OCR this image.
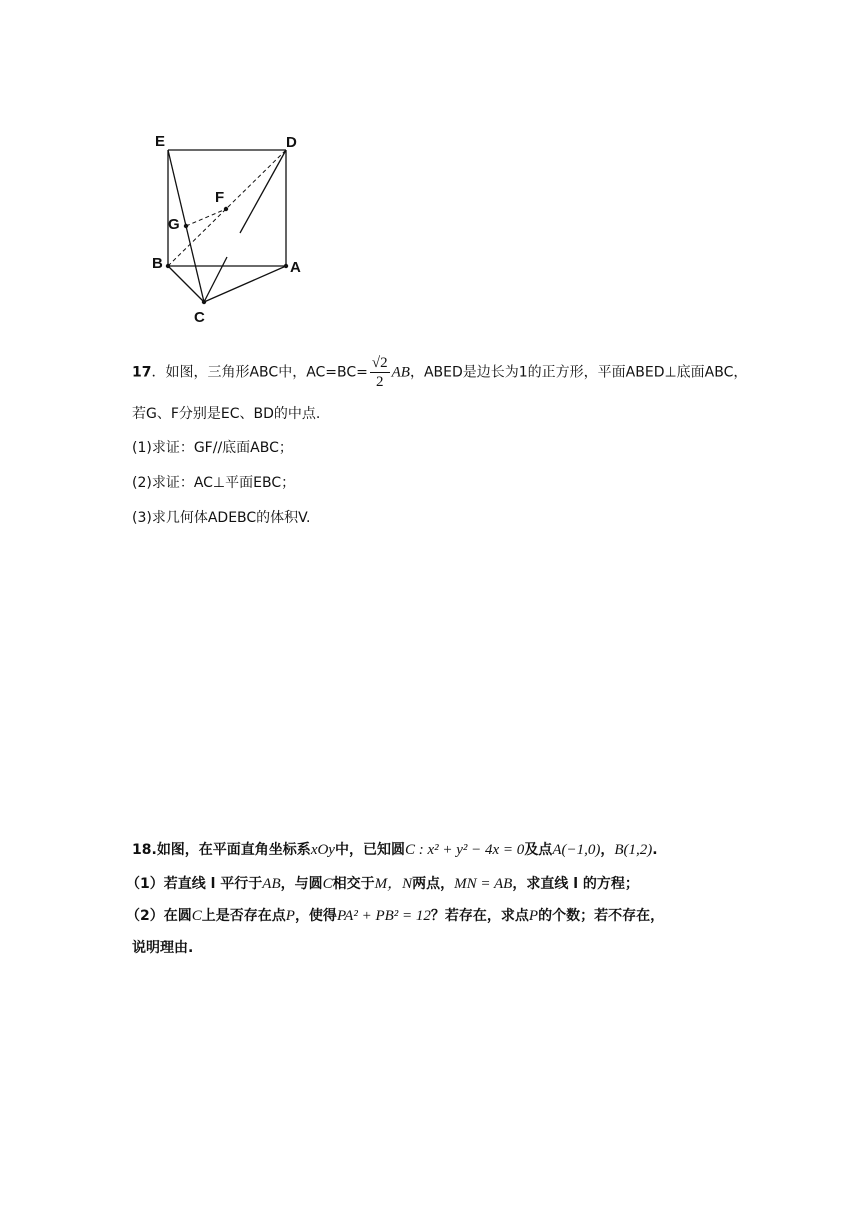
E	D
F
G
B	A
C
17．如图，三角形ABC中，$AC=BC= \frac{√2}{2}$ AB，ABED是边长为1的正方形，平面ABED⊥底面ABC，
若G、F分别是EC、BD的中点.
(1)求证：GF//底面ABC；
(2)求证：AC⊥平面EBC；
(3)求几何体ADEBC的体积V.
18.如图，在平面直角坐标系xOy中，已知圆C : x² + y² − 4x = 0及点A(−1,0)，B(1,2).
（1）若直线 l 平行于AB，与圆C相交于M，N两点，MN = AB，求直线 l 的方程；
（2）在圆C上是否存在点P，使得PA² + PB² = 12？若存在，求点P的个数；若不存在，
说明理由.
